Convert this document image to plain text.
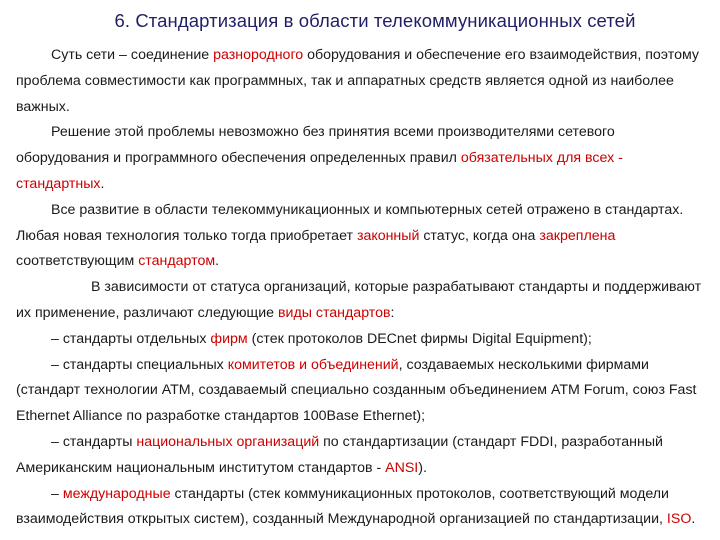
6. Стандартизация в области телекоммуникационных сетей

Суть сети – соединение разнородного оборудования и обеспечение его взаимодействия, поэтому проблема совместимости как программных, так и аппаратных средств является одной из наиболее важных.

Решение этой проблемы невозможно без принятия всеми производителями сетевого оборудования и программного обеспечения определенных правил обязательных для всех - стандартных.

Все развитие в области телекоммуникационных и компьютерных сетей отражено в стандартах. Любая новая технология только тогда приобретает законный статус, когда она закреплена соответствующим стандартом.

В зависимости от статуса организаций, которые разрабатывают стандарты и поддерживают их применение, различают следующие виды стандартов:

– стандарты отдельных фирм (стек протоколов DECnet фирмы Digital Equipment);

– стандарты специальных комитетов и объединений, создаваемых несколькими фирмами (стандарт технологии АТМ, создаваемый специально созданным объединением ATM Forum, союз Fast Ethernet Alliance по разработке стандартов 100Base Ethernet);

– стандарты национальных организаций по стандартизации (стандарт FDDI, разработанный Американским национальным институтом стандартов - ANSI).

– международные стандарты (стек коммуникационных протоколов, соответствующий модели взаимодействия открытых систем), созданный Международной организацией по стандартизации, ISO.
